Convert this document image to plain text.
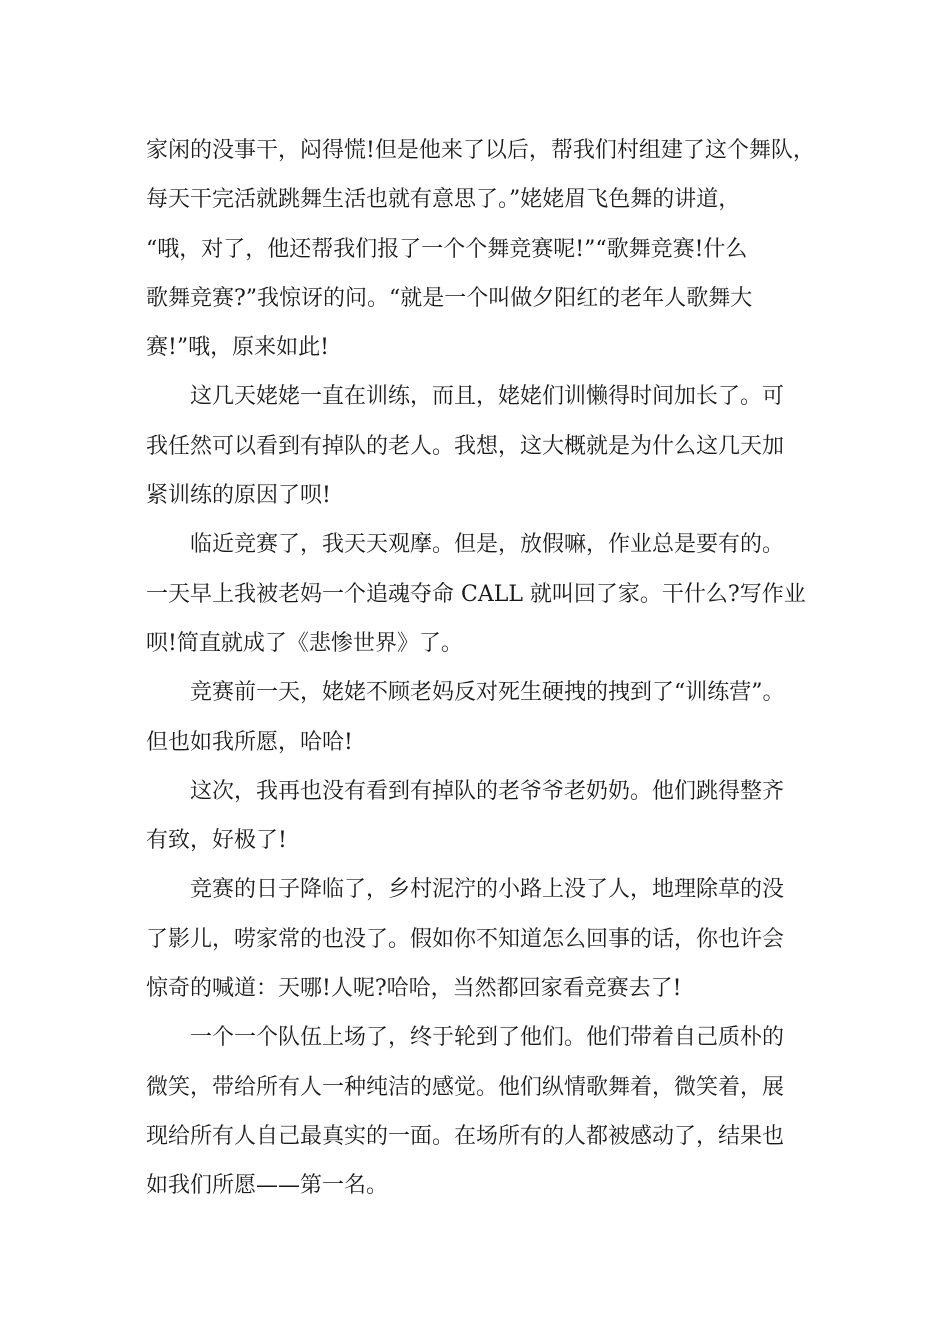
家闲的没事干，闷得慌!但是他来了以后，帮我们村组建了这个舞队，
每天干完活就跳舞生活也就有意思了。”姥姥眉飞色舞的讲道，
“哦，对了，他还帮我们报了一个个舞竞赛呢!”“歌舞竞赛!什么
歌舞竞赛?”我惊讶的问。“就是一个叫做夕阳红的老年人歌舞大
赛!”哦，原来如此!
这几天姥姥一直在训练，而且，姥姥们训懒得时间加长了。可
我任然可以看到有掉队的老人。我想，这大概就是为什么这几天加
紧训练的原因了呗!
临近竞赛了，我天天观摩。但是，放假嘛，作业总是要有的。
一天早上我被老妈一个追魂夺命 CALL 就叫回了家。干什么?写作业
呗!简直就成了《悲惨世界》了。
竞赛前一天，姥姥不顾老妈反对死生硬拽的拽到了“训练营”。
但也如我所愿，哈哈!
这次，我再也没有看到有掉队的老爷爷老奶奶。他们跳得整齐
有致，好极了!
竞赛的日子降临了，乡村泥泞的小路上没了人，地理除草的没
了影儿，唠家常的也没了。假如你不知道怎么回事的话，你也许会
惊奇的喊道：天哪!人呢?哈哈，当然都回家看竞赛去了!
一个一个队伍上场了，终于轮到了他们。他们带着自己质朴的
微笑，带给所有人一种纯洁的感觉。他们纵情歌舞着，微笑着，展
现给所有人自己最真实的一面。在场所有的人都被感动了，结果也
如我们所愿——第一名。
